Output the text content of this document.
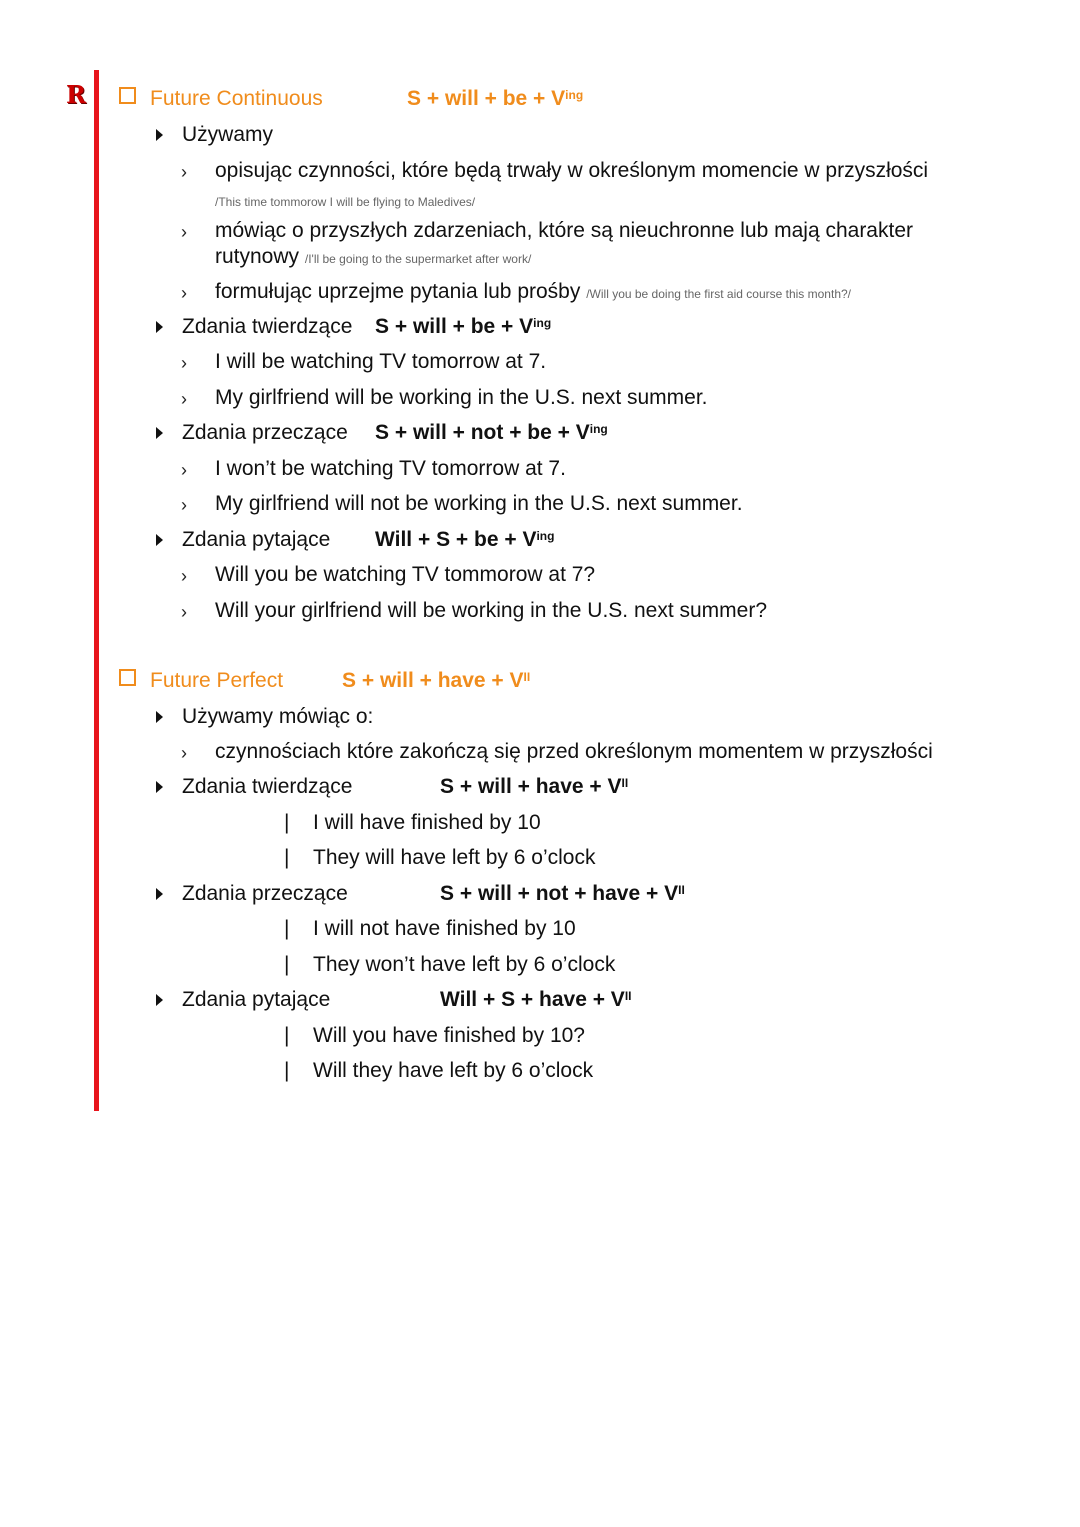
R	Future Continuous	S + will + be + $V^{ing}$
Używamy
› opisując czynności, które będą trwały w określonym momencie w przyszłości
/This time tommorow I will be flying to Maledives/
› mówiąc o przyszłych zdarzeniach, które są nieuchronne lub mają charakter
rutynowy /I'll be going to the supermarket after work/
› formułując uprzejme pytania lub prośby /Will you be doing the first aid course this month?/
Zdania twierdzące S + will + be + $V^{ing}$
› I will be watching TV tomorrow at 7.
› My girlfriend will be working in the U.S. next summer.
Zdania przeczące S + will + not + be + $V^{ing}$
› I won’t be watching TV tomorrow at 7.
› My girlfriend will not be working in the U.S. next summer.
Zdania pytające Will + S + be + $V^{ing}$
› Will you be watching TV tommorow at 7?
› Will your girlfriend will be working in the U.S. next summer?
Future Perfect	S + will + have + $V^{II}$
Używamy mówiąc o:
› czynnościach które zakończą się przed określonym momentem w przyszłości
Zdania twierdzące	S + will + have + $V^{II}$
| I will have finished by 10
| They will have left by 6 o’clock
Zdania przeczące	S + will + not + have + $V^{II}$
| I will not have finished by 10
| They won’t have left by 6 o’clock
Zdania pytające	Will + S + have + $V^{II}$
| Will you have finished by 10?
| Will they have left by 6 o’clock
